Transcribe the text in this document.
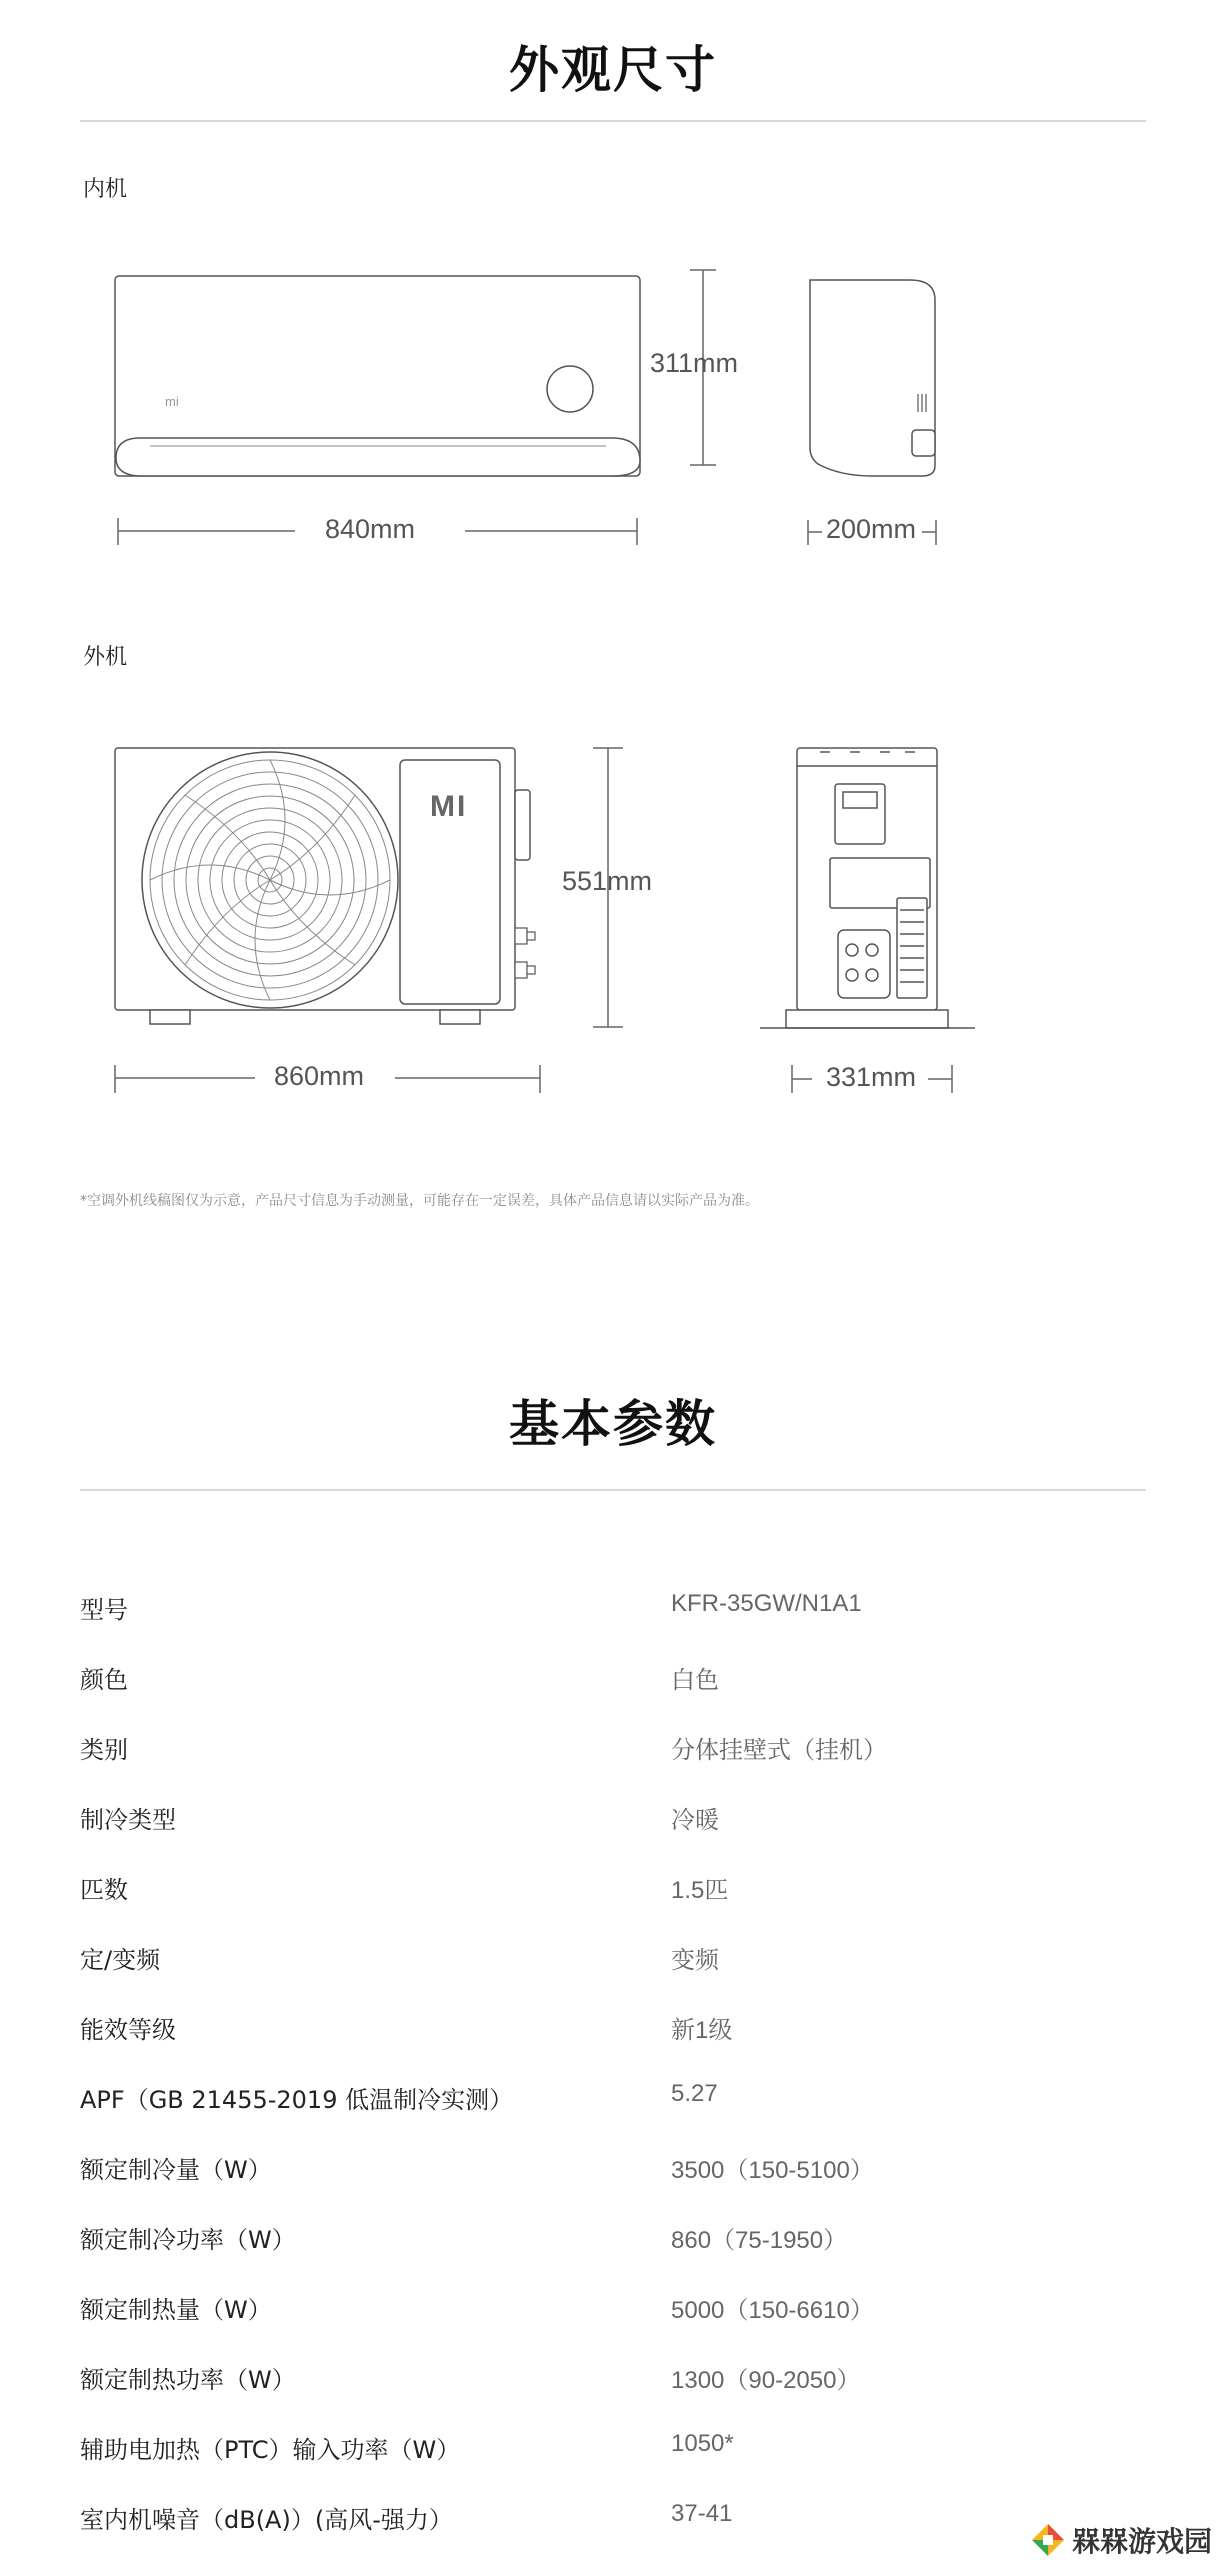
外观尺寸
内机
mi
MI
311mm
840mm	200mm
外机
551mm
860mm	331mm
*空调外机线稿图仅为示意，产品尺寸信息为手动测量，可能存在一定误差，具体产品信息请以实际产品为准。
基本参数
型号	KFR-35GW/N1A1
颜色	白色
类别	分体挂壁式（挂机）
制冷类型	冷暖
匹数	1.5匹
定/变频	变频
能效等级	新1级
APF（GB 21455-2019 低温制冷实测）	5.27
额定制冷量（W）	3500（150-5100）
额定制冷功率（W）	860（75-1950）
额定制热量（W）	5000（150-6610）
额定制热功率（W）	1300（90-2050）
辅助电加热（PTC）输入功率（W）	1050*
室内机噪音（dB(A)）(高风-强力）	37-41
槑槑游戏园
